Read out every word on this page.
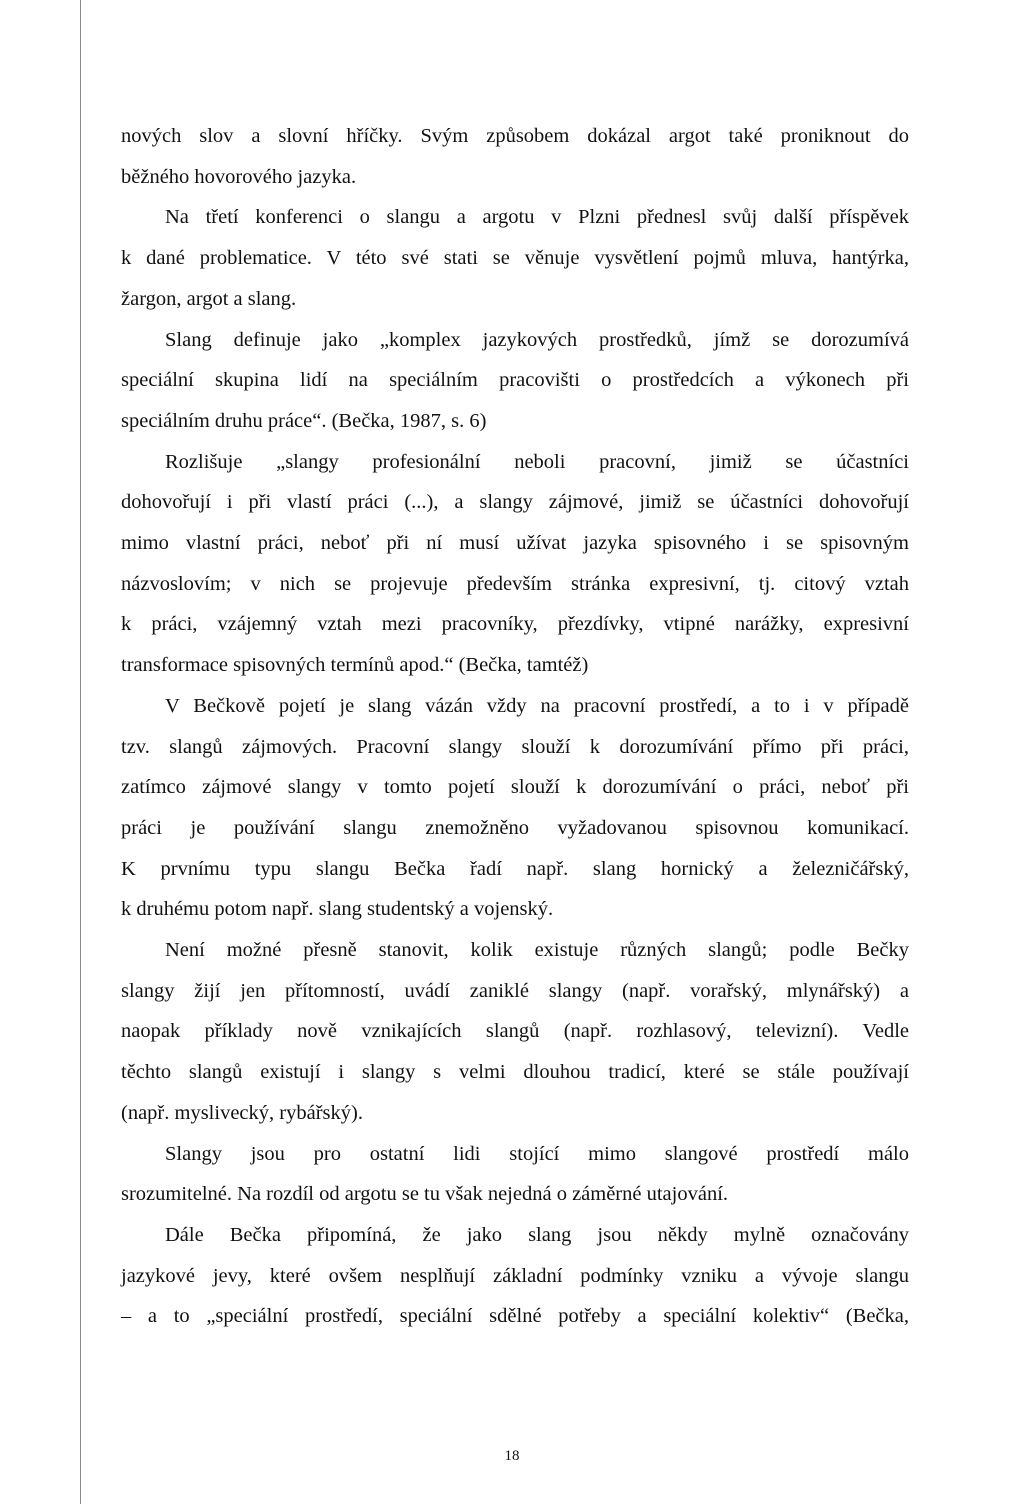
nových slov a slovní hříčky. Svým způsobem dokázal argot také proniknout do
běžného hovorového jazyka.
Na třetí konferenci o slangu a argotu v Plzni přednesl svůj další příspěvek
k dané problematice. V této své stati se věnuje vysvětlení pojmů mluva, hantýrka,
žargon, argot a slang.
Slang definuje jako „komplex jazykových prostředků, jímž se dorozumívá
speciální skupina lidí na speciálním pracovišti o prostředcích a výkonech při
speciálním druhu práce“. (Bečka, 1987, s. 6)
Rozlišuje „slangy profesionální neboli pracovní, jimiž se účastníci
dohovořují i při vlastí práci (...), a slangy zájmové, jimiž se účastníci dohovořují
mimo vlastní práci, neboť při ní musí užívat jazyka spisovného i se spisovným
názvoslovím; v nich se projevuje především stránka expresivní, tj. citový vztah
k práci, vzájemný vztah mezi pracovníky, přezdívky, vtipné narážky, expresivní
transformace spisovných termínů apod.“ (Bečka, tamtéž)
V Bečkově pojetí je slang vázán vždy na pracovní prostředí, a to i v případě
tzv. slangů zájmových. Pracovní slangy slouží k dorozumívání přímo při práci,
zatímco zájmové slangy v tomto pojetí slouží k dorozumívání o práci, neboť při
práci je používání slangu znemožněno vyžadovanou spisovnou komunikací.
K prvnímu typu slangu Bečka řadí např. slang hornický a železničářský,
k druhému potom např. slang studentský a vojenský.
Není možné přesně stanovit, kolik existuje různých slangů; podle Bečky
slangy žijí jen přítomností, uvádí zaniklé slangy (např. vorařský, mlynářský) a
naopak příklady nově vznikajících slangů (např. rozhlasový, televizní). Vedle
těchto slangů existují i slangy s velmi dlouhou tradicí, které se stále používají
(např. myslivecký, rybářský).
Slangy jsou pro ostatní lidi stojící mimo slangové prostředí málo
srozumitelné. Na rozdíl od argotu se tu však nejedná o záměrné utajování.
Dále Bečka připomíná, že jako slang jsou někdy mylně označovány
jazykové jevy, které ovšem nesplňují základní podmínky vzniku a vývoje slangu
– a to „speciální prostředí, speciální sdělné potřeby a speciální kolektiv“ (Bečka,
18
